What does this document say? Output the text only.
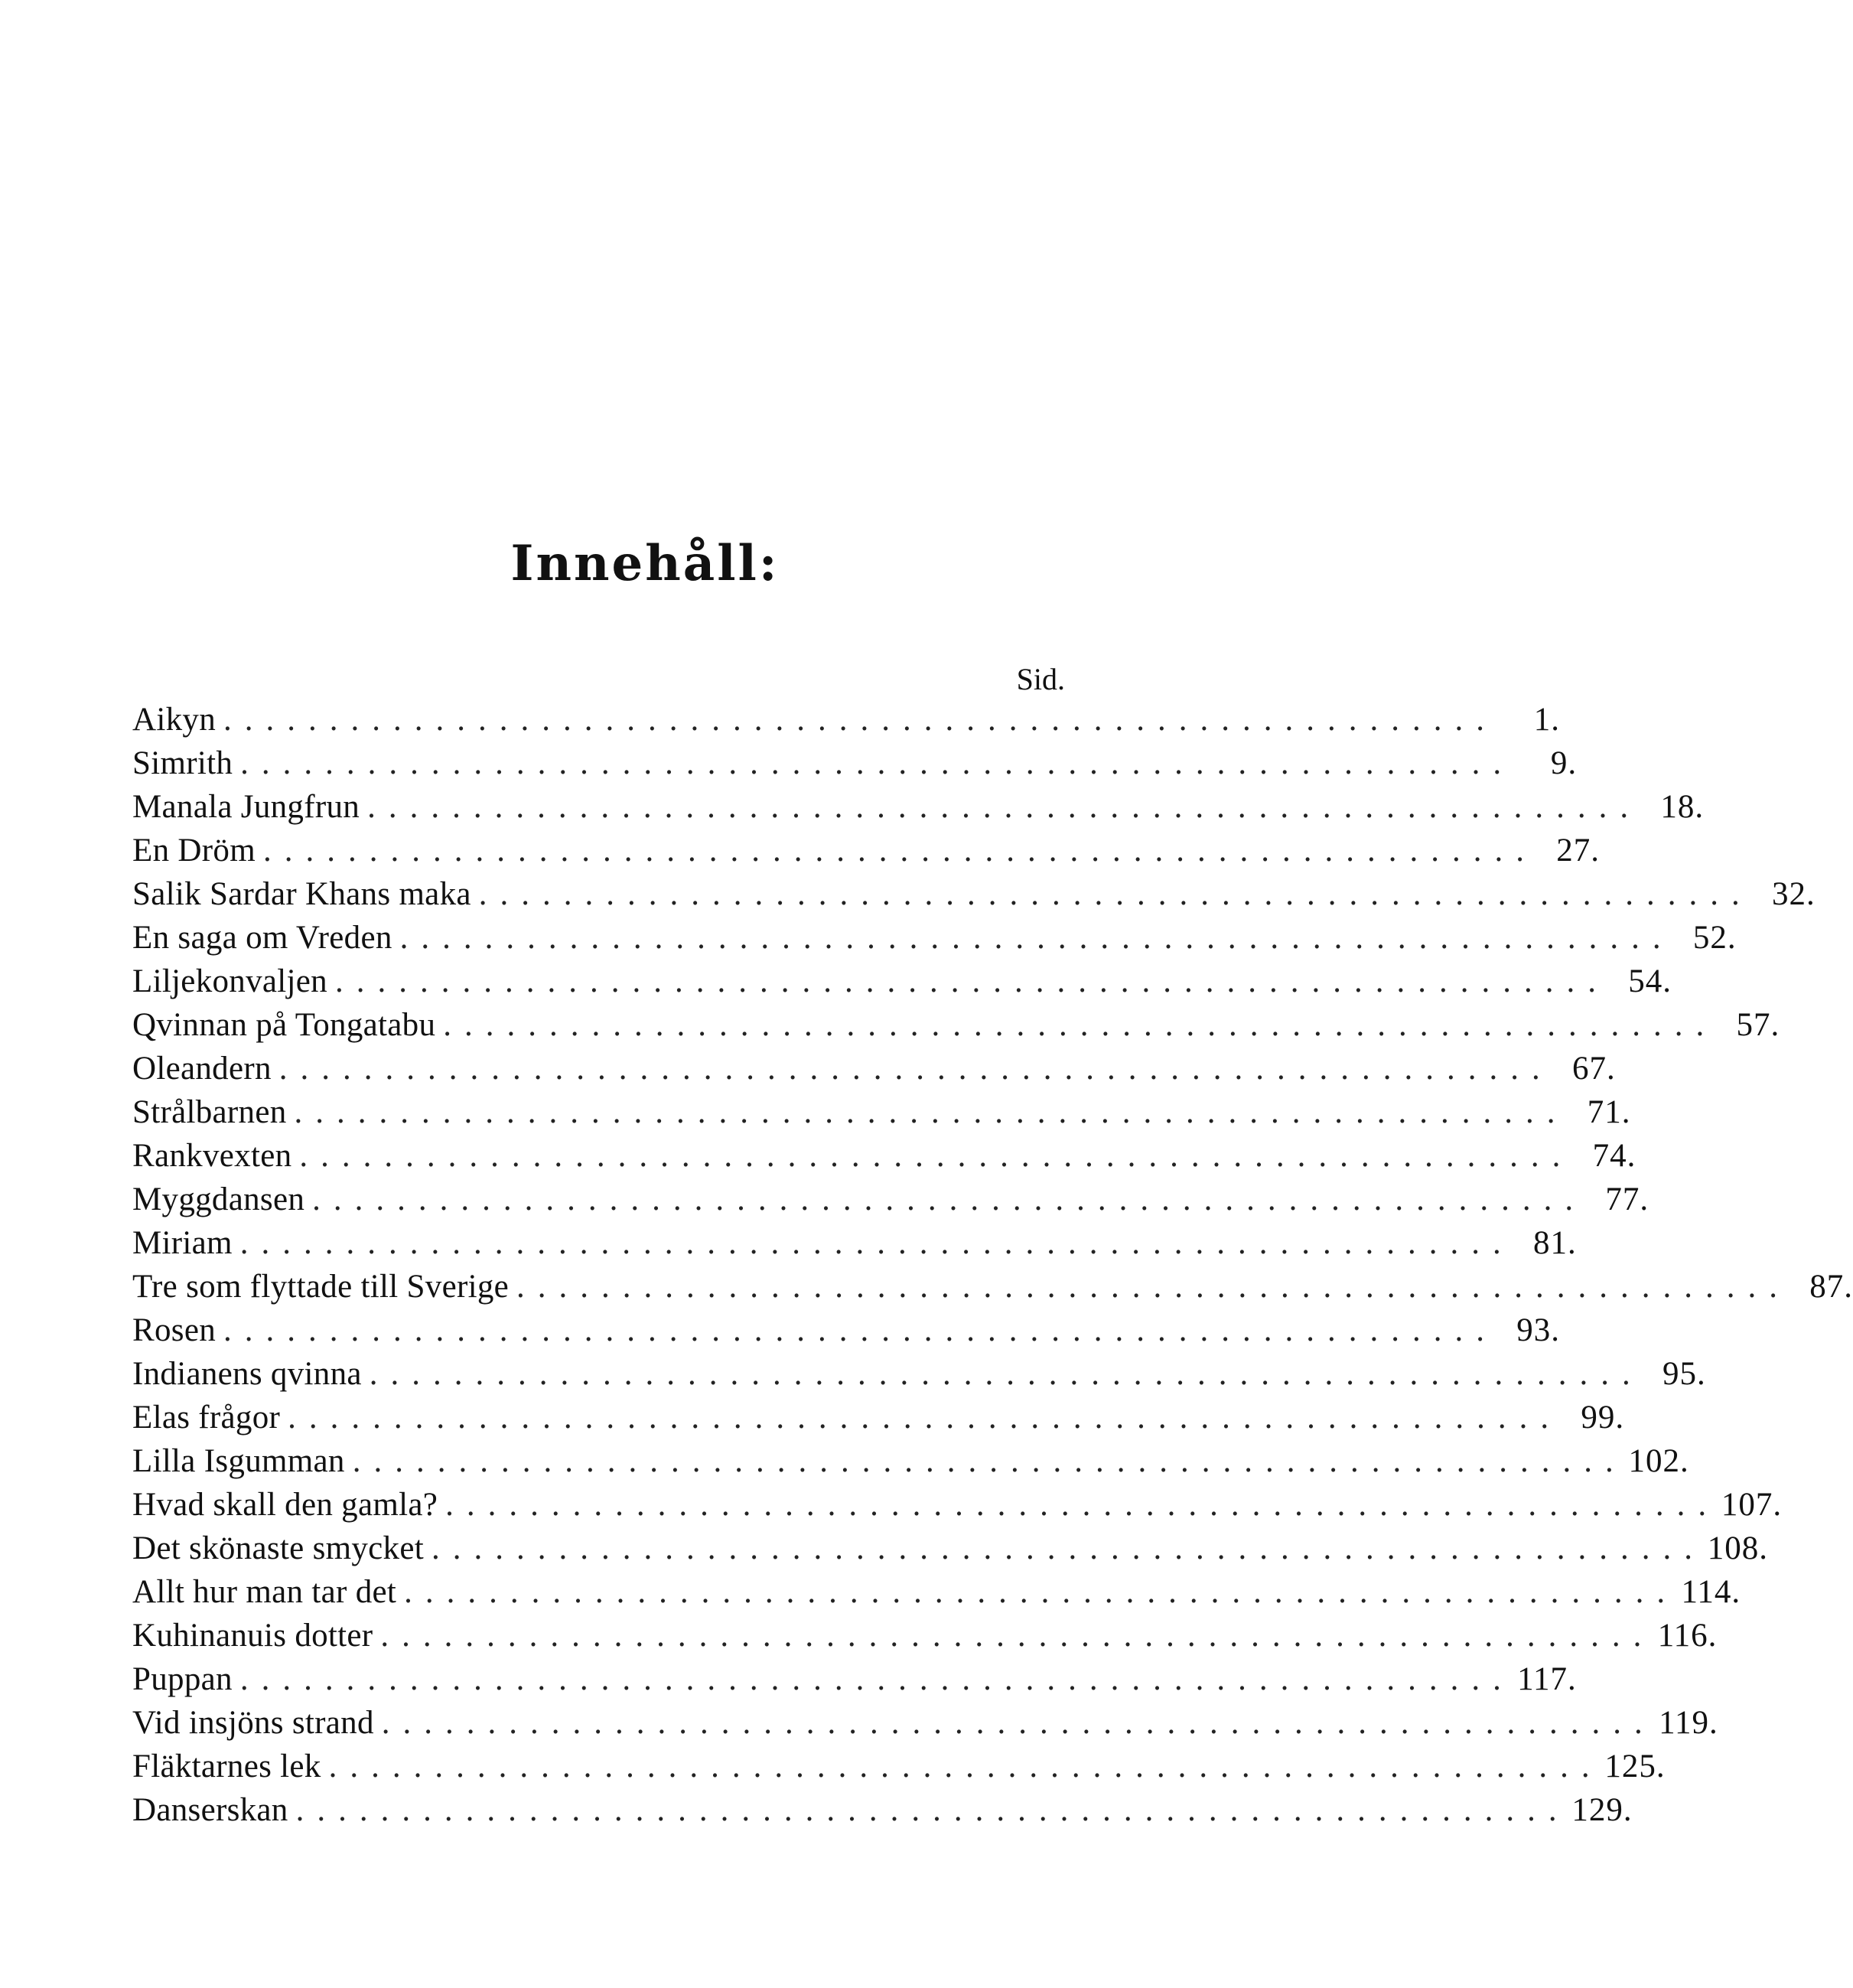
Innehåll:
Sid.
Aikyn ............................................................	1.
Simrith ............................................................	9.
Manala Jungfrun ............................................................ 18.
En Dröm ............................................................ 27.
Salik Sardar Khans maka ............................................................ 32.
En saga om Vreden ............................................................ 52.
Liljekonvaljen ............................................................ 54.
Qvinnan på Tongatabu ............................................................ 57.
Oleandern ............................................................ 67.
Strålbarnen ............................................................ 71.
Rankvexten ............................................................ 74.
Myggdansen ............................................................ 77.
Miriam ............................................................ 81.
Tre som flyttade till Sverige ............................................................ 87.
Rosen ............................................................ 93.
Indianens qvinna ............................................................ 95.
Elas frågor ............................................................ 99.
Lilla Isgumman ............................................................ 102.
Hvad skall den gamla? ............................................................ 107.
Det skönaste smycket ............................................................ 108.
Allt hur man tar det ............................................................ 114.
Kuhinanuis dotter ............................................................ 116.
Puppan ............................................................ 117.
Vid insjöns strand ............................................................ 119.
Fläktarnes lek ............................................................ 125.
Danserskan ............................................................ 129.
